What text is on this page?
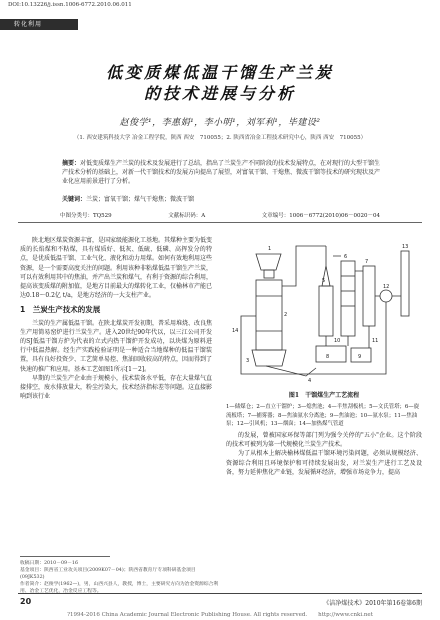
DOI:10.13226/j.issn.1006-6772.2010.06.011
转化利用
低变质煤低温干馏生产兰炭
的技术进展与分析
赵俊学¹，李惠娟¹，李小明¹，刘军利¹，毕建设²
（1. 西安建筑科技大学 冶金工程学院，陕西 西安　710055；2. 陕西省冶金工程技术研究中心，陕西 西安　710055）
摘要：对低变质煤生产兰炭的技术及发展进行了总结，指出了兰炭生产不同阶段的技术发展特点，在对现行的大型干馏生产技术分析的基础上，对新一代干馏技术的发展方向提出了展望，对富氧干馏、干熄焦、微波干馏等技术的研究现状及产业化应用前景进行了分析。
关键词：兰炭；富氧干馏；煤气干熄焦；微波干馏
中图分类号：TQ529	文献标识码：A	文章编号：1006－6772(2010)06－0020－04

陕北地区煤炭资源丰富，是国家级能源化工基地。其煤种主要为低变质的长焰煤和不粘煤，具有煤质好、低灰、低硫、低磷、高挥发分的特点，是优质低温干馏、工业气化、液化和动力用煤。如何有效地利用这些资源，是一个需要高度关注的问题。利用该种非粘煤低温干馏生产兰炭，可以有效利用其中的焦油，并产出兰炭和煤气，有利于资源的综合利用，提高该变质煤的附加值，是地方目前最大的煤转化工业，仅榆林市产能已达0.18～0.2亿 t/a，是地方经济的一大支柱产业。

1　兰炭生产技术的发展

兰炭的生产属低温干馏。在陕北煤炭开发初期，普采用堆烧、改良焦生产用简易窑炉进行兰炭生产。进入20世纪90年代以，以三江公司开发的SJ低温干馏方炉为代表的立式内热干馏炉开发成功，以块煤为原料进行中低温热解。经生产实践检验证明是一种适合当地煤种的低温干馏装置，具有良好投资少、工艺简单易控、焦油回收较高的特点，因而得到了快速的推广和应用。基本工艺如图1所示[1－2]。

早期的兰炭生产企业由于规模小，技术装备水平低，存在大量煤气直接排空，废水排放量大，粉尘污染大，技术经济指标差等问题。这直接影响到该行业

1
2
3
4
5
6
7
8	9
10	11
12
13
14
图1　干馏煤生产工艺流程
1—储煤仓；2—直立干馏炉；3—熄焦池；4—半焦刮板机；5—文氏管塔；6—旋流板塔；7—捕雾器；8—焦油氨水分离池；9—焦油池；10—氨水泵；11—焦油泵；12—引风机；13—烟囱；14—加热煤气管道

的发展，曾被国家环保等部门列为强令关停的"五小"企业。这个阶段的技术可被列为第一代规模化兰炭生产技术。

为了从根本上解决榆林煤低温干馏环境污染问题，必须从规模经济、资源综合利用且环境保护和可持续发展出发，对兰炭生产进行工艺及设备，努力延伸焦化产业链，发展循环经济，增强市场竞争力，提高

收稿日期：2010－09－16
基金项目：陕西省工业攻关项目(2009K07－04)；陕西省教育厅专项科研基金项目(09JK532)
作者简介：赵俊学(1962—)，男，山西兴县人，教授，博士，主要研究方向为冶金资源综合利用、冶金工艺优化，冶金反应工程等。
20	《洁净煤技术》2010年第16卷第6期
?1994-2016 China Academic Journal Electronic Publishing House. All rights reserved.　　http://www.cnki.net
